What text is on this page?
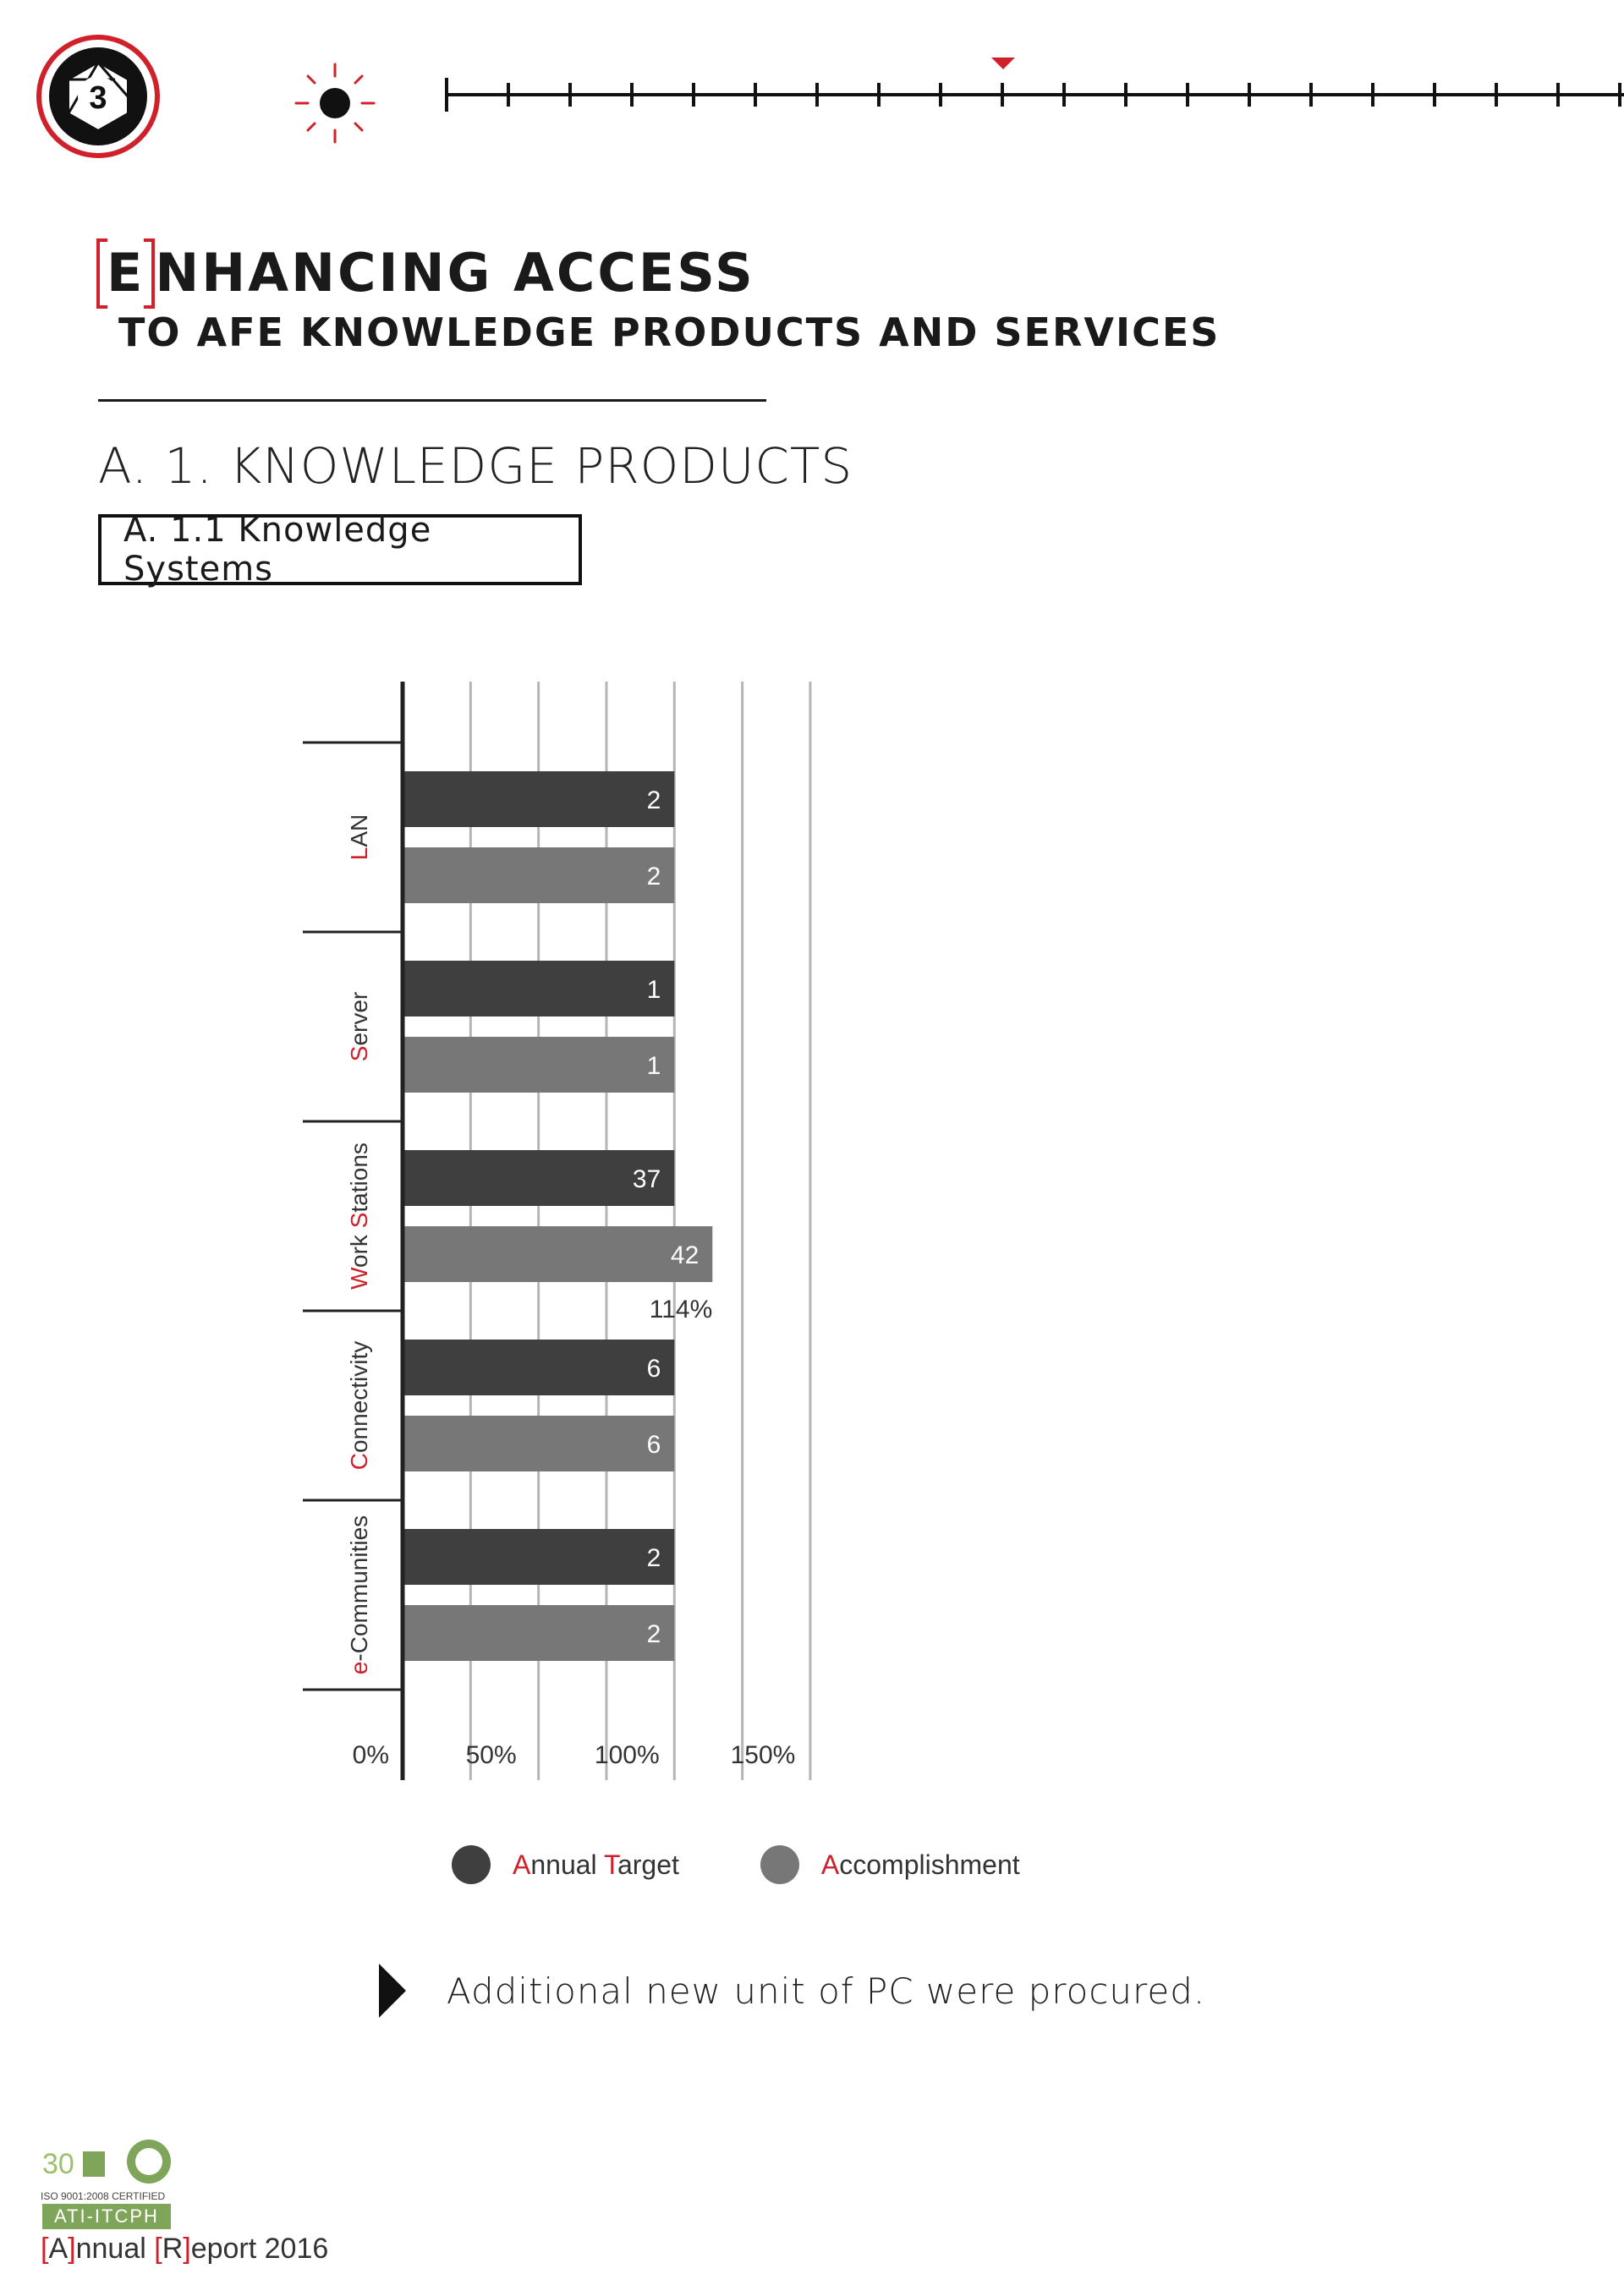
3
E NHANCING ACCESS
TO AFE KNOWLEDGE PRODUCTS AND SERVICES
A. 1. KNOWLEDGE PRODUCTS
A. 1.1 Knowledge Systems
LAN
Server
Work Stations
Connectivity
e-Communities
2
2
1
1
37
42
6
6
2
2
114%
0%	50%	100%	150%
Annual Target	Accomplishment
Additional new unit of PC were procured.
30
ISO 9001:2008 CERTIFIED
ATI-ITCPH
[A]nnual [R]eport 2016
